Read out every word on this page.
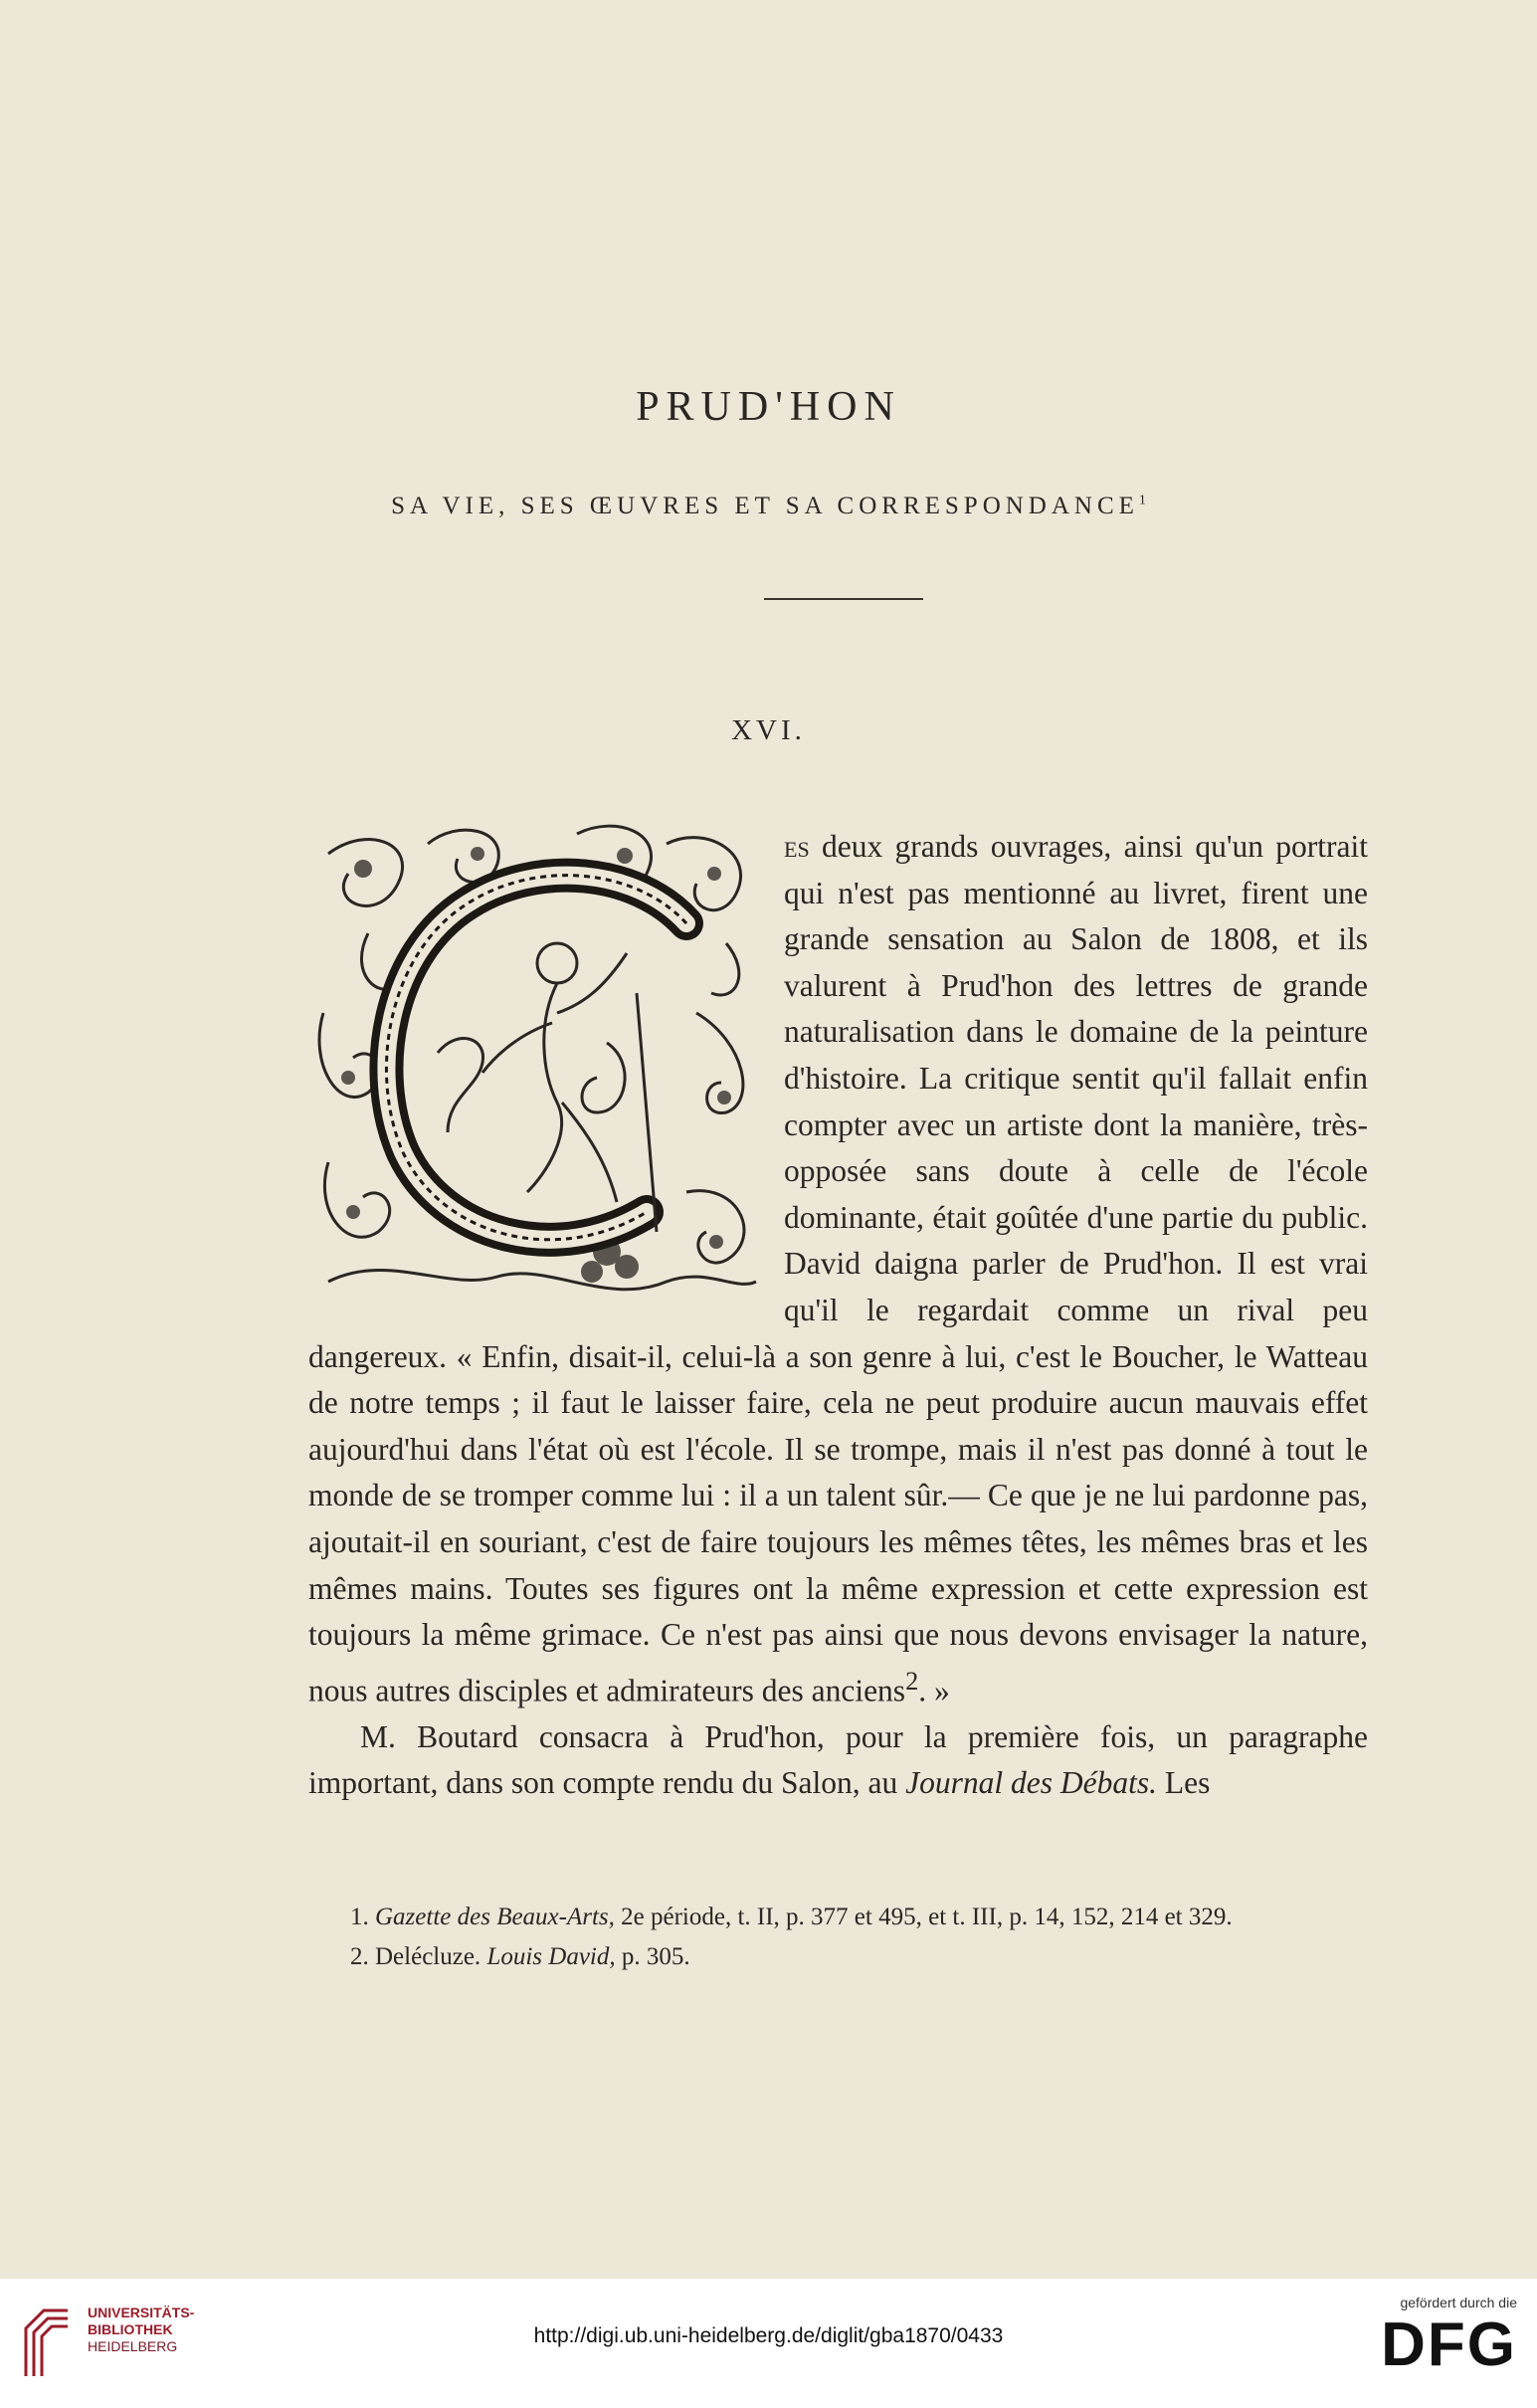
PRUD'HON
SA VIE, SES ŒUVRES ET SA CORRESPONDANCE$^1$
XVI.

es deux grands ouvrages, ainsi qu'un portrait qui n'est pas mentionné au livret, firent une grande sensation au Salon de 1808, et ils valurent à Prud'hon des lettres de grande naturalisation dans le domaine de la peinture d'histoire. La critique sentit qu'il fallait enfin compter avec un artiste dont la manière, très-opposée sans doute à celle de l'école dominante, était goûtée d'une partie du public. David daigna parler de Prud'hon. Il est vrai qu'il le regardait comme un rival peu dangereux. « Enfin, disait-il, celui-là a son genre à lui, c'est le Boucher, le Watteau de notre temps ; il faut le laisser faire, cela ne peut produire aucun mauvais effet aujourd'hui dans l'état où est l'école. Il se trompe, mais il n'est pas donné à tout le monde de se tromper comme lui : il a un talent sûr.— Ce que je ne lui pardonne pas, ajoutait-il en souriant, c'est de faire toujours les mêmes têtes, les mêmes bras et les mêmes mains. Toutes ses figures ont la même expression et cette expression est toujours la même grimace. Ce n'est pas ainsi que nous devons envisager la nature, nous autres disciples et admirateurs des anciens$^2$. »

M. Boutard consacra à Prud'hon, pour la première fois, un paragraphe important, dans son compte rendu du Salon, au Journal des Débats. Les

1. Gazette des Beaux-Arts, 2e période, t. II, p. 377 et 495, et t. III, p. 14, 152, 214 et 329.

2. Delécluze. Louis David, p. 305.

UNIVERSITÄTS-
BIBLIOTHEK
HEIDELBERG	http://digi.ub.uni-heidelberg.de/diglit/gba1870/0433
gefördert durch die
DFG
